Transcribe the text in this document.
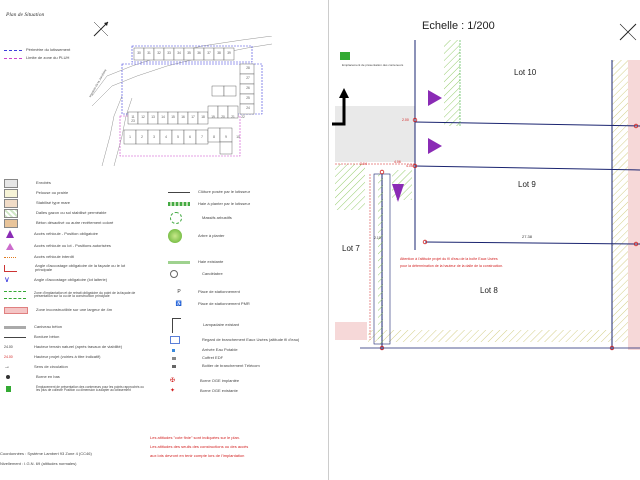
Plan de Situation
Périmètre du lotissement
Limite de zone du PLUH
Impasse de la Jonchère
30	31	32	33	34	35	36	37	38	39
28
27
26
25
24
11	12	13	14	15	16	17	18	19	20	21	22
23
1	2	3	4	5	6	7	8	9	10
Enrobés
Pelouse ou prairie
Stabilisé type mare
Dalles gazon ou sol stabilisé perméable
Béton désactivé ou autre revêtement coloré
Accès véhicule - Position obligatoire
Accès véhicule ou lot - Positions autorisées
Accès véhicule interdit
Angle d'accostage obligatoire de la façade ou le lot principale
∨	Angle d'accostage obligatoire (lot laiterie)
Zone d'implantation et de retrait obligatoire du point de la façade de présentation sur la ou de la construction principale
Zone inconstructible sur une largeur de 4m
Caniveau béton
Bordure béton
24.00	Hauteur terrain naturel (après travaux de viabilité)
24.00	Hauteur projet (voiries à titre indicatif)
→	Sens de circulation
Borne en bas
Emplacement de présentation des conteneurs pour les points rapprochés ou les plus de collecte Position ou dimension à adapter au lotissement
Clôture posée par le lotisseur
Haie à planter par le lotisseur
Massifs arbustifs
Arbre à planter
Haie existante
Candélabre
P	Place de stationnement
♿	Place de stationnement PMR
Lampadaire existant
Regard de branchement Eaux Usées (altitude fil d'eau)
Arrivée Eau Potable
Coffret EDF
Boitier de branchement Télécom
✠	Borne OGE implantée
✦	Borne OGE existante
Coordonnées : Système Lambert 93 Zone 4 (CC46)
Nivellement : I.G.N. 69 (altitudes normales)
Les altitudes "cote finie" sont indiquées sur le plan.
Les altitudes des seuils des constructions ou des accès
aux lots devront en tenir compte lors de l'implantation
Echelle : 1/200
Emplacement de présentation des conteneurs
Lot 10
Lot 9
Lot 8
Lot 7
27.38
2.00
2.04	4.06
4.05
2.10
Attention à l'altitude projet du fil d'eau de la boîte Eaux Usées
pour la détermination de la hauteur de la dalle de la construction.
